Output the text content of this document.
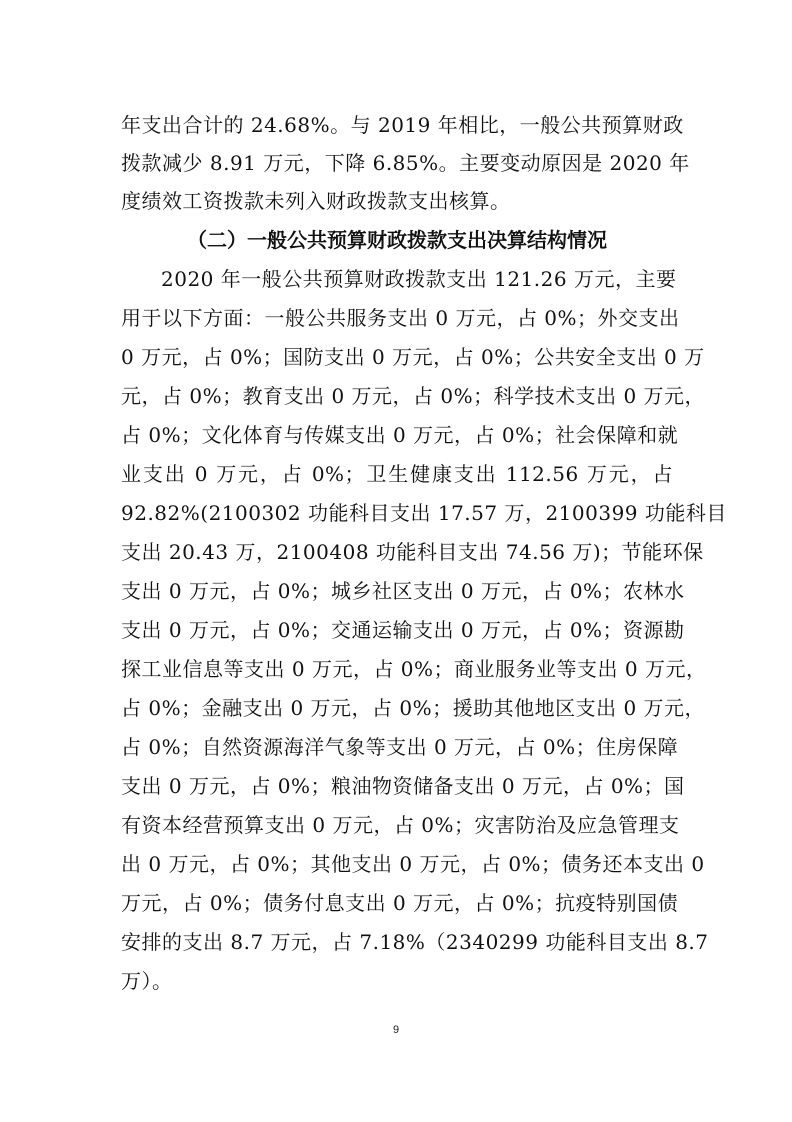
年支出合计的 24.68%。与 2019 年相比，一般公共预算财政
拨款减少 8.91 万元，下降 6.85%。主要变动原因是 2020 年
度绩效工资拨款未列入财政拨款支出核算。
（二）一般公共预算财政拨款支出决算结构情况
2020 年一般公共预算财政拨款支出 121.26 万元，主要
用于以下方面：一般公共服务支出 0 万元，占 0%；外交支出
0 万元，占 0%；国防支出 0 万元，占 0%；公共安全支出 0 万
元，占 0%；教育支出 0 万元，占 0%；科学技术支出 0 万元，
占 0%；文化体育与传媒支出 0 万元，占 0%；社会保障和就
业支出 0 万元，占 0%；卫生健康支出 112.56 万元，占
92.82%(2100302 功能科目支出 17.57 万，2100399 功能科目
支出 20.43 万，2100408 功能科目支出 74.56 万)；节能环保
支出 0 万元，占 0%；城乡社区支出 0 万元，占 0%；农林水
支出 0 万元，占 0%；交通运输支出 0 万元，占 0%；资源勘
探工业信息等支出 0 万元，占 0%；商业服务业等支出 0 万元，
占 0%；金融支出 0 万元，占 0%；援助其他地区支出 0 万元，
占 0%；自然资源海洋气象等支出 0 万元，占 0%；住房保障
支出 0 万元，占 0%；粮油物资储备支出 0 万元，占 0%；国
有资本经营预算支出 0 万元，占 0%；灾害防治及应急管理支
出 0 万元，占 0%；其他支出 0 万元，占 0%；债务还本支出 0
万元，占 0%；债务付息支出 0 万元，占 0%；抗疫特别国债
安排的支出 8.7 万元，占 7.18%（2340299 功能科目支出 8.7
万）。
9
